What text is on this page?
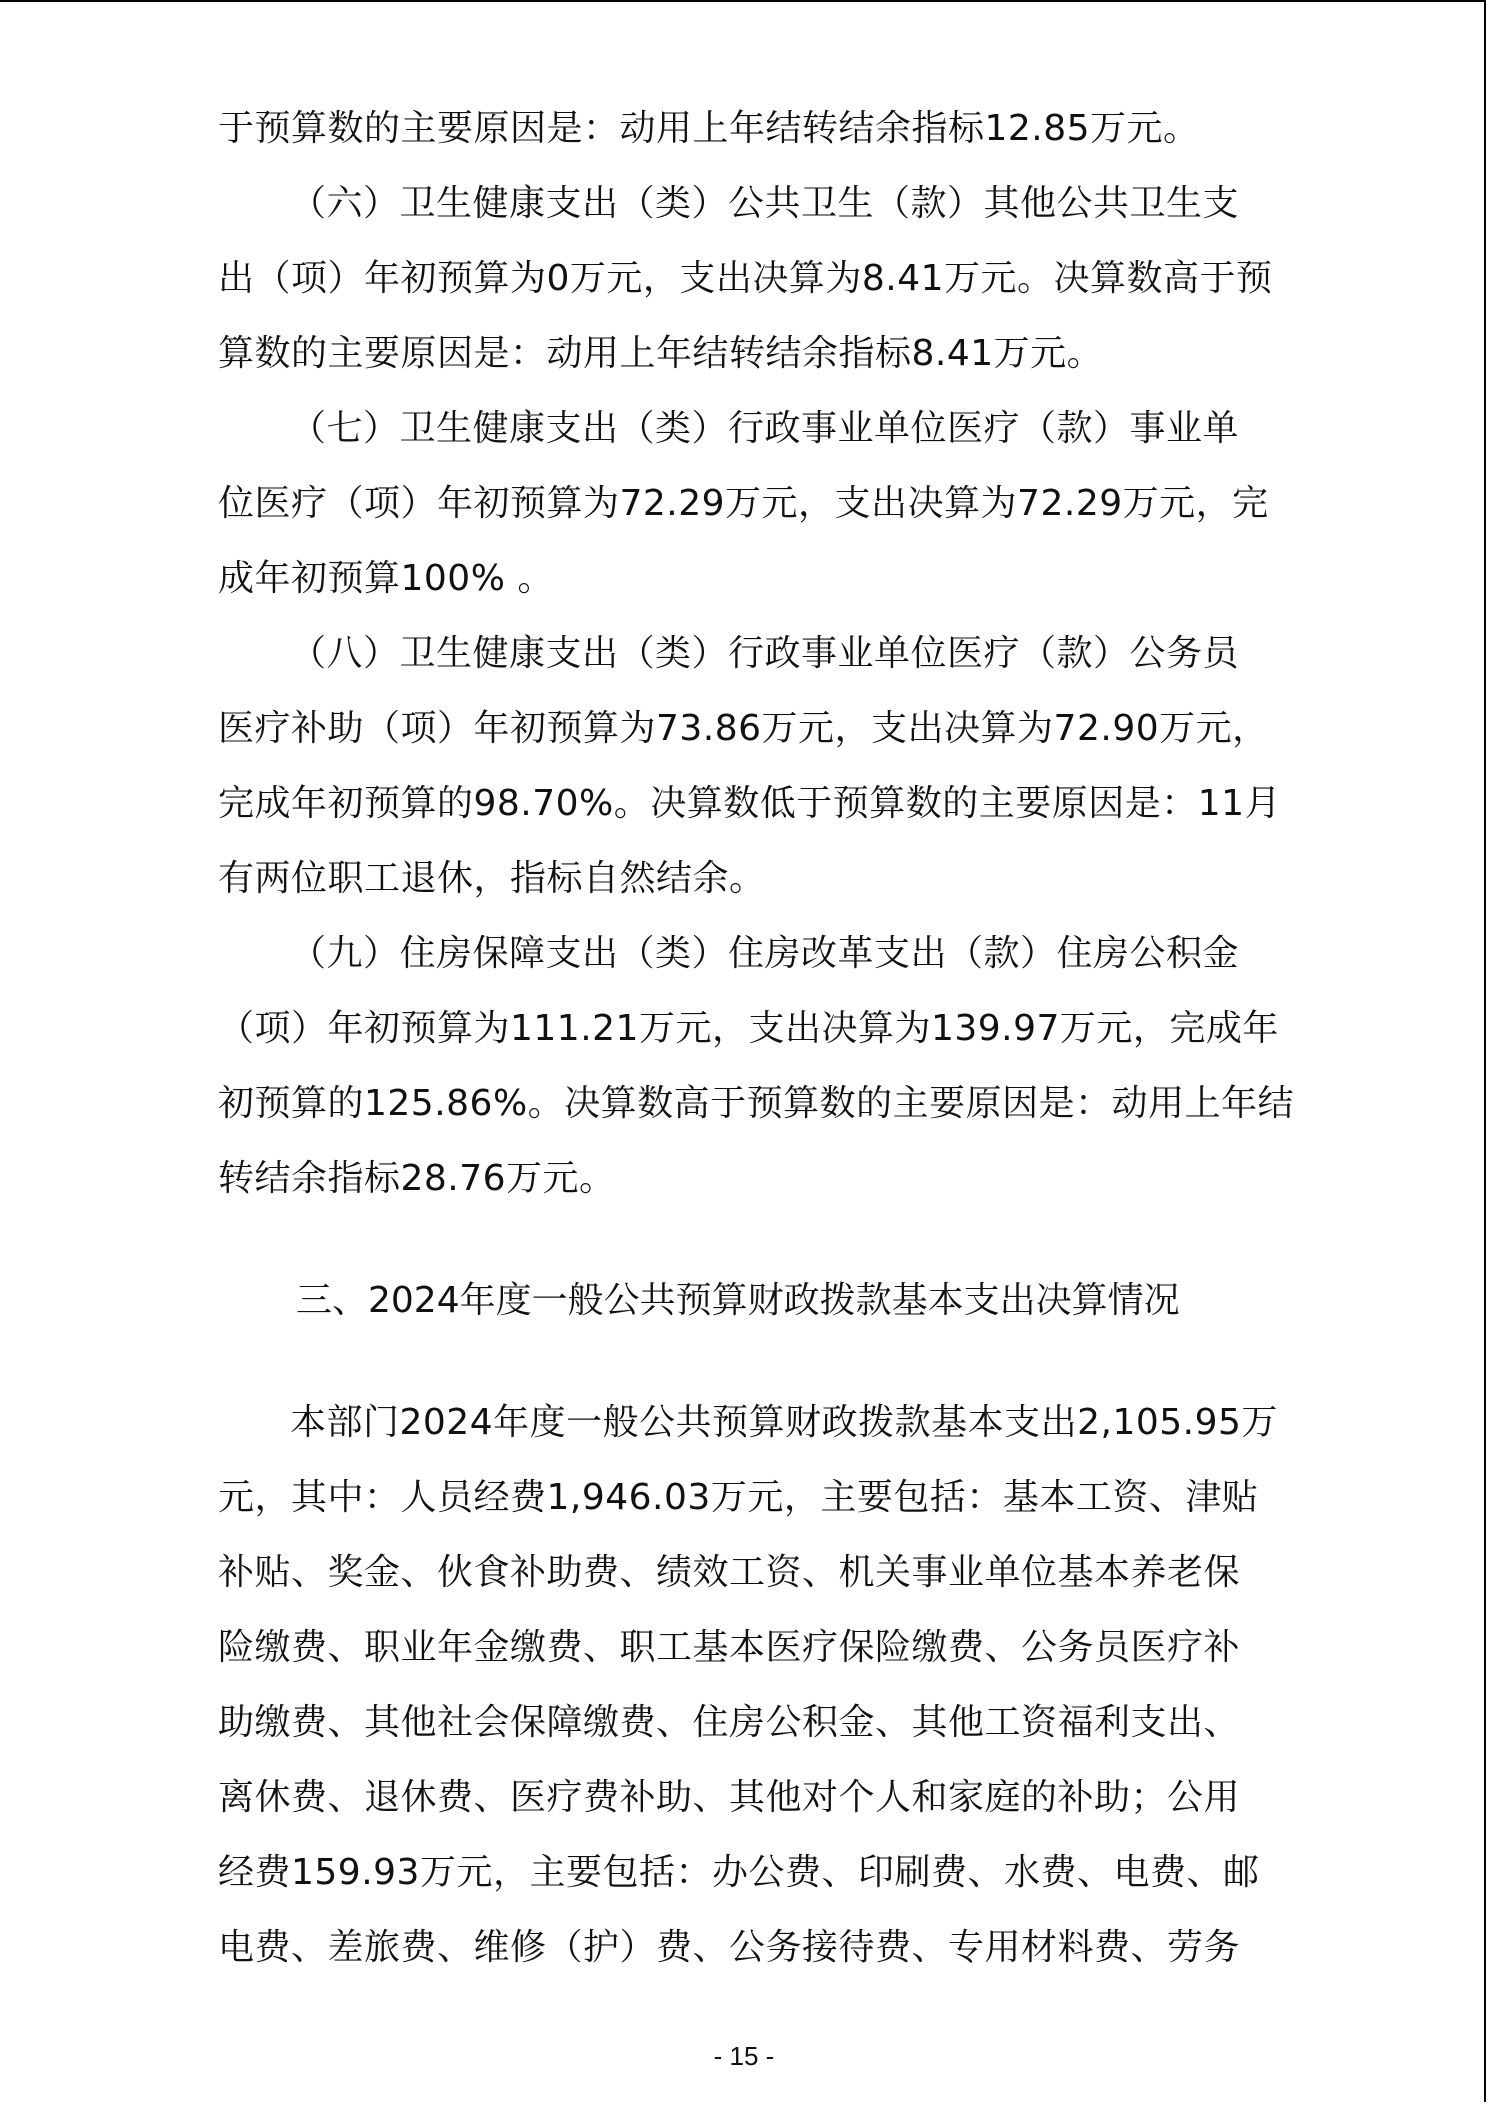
于预算数的主要原因是：动用上年结转结余指标12.85万元。
（六）卫生健康支出（类）公共卫生（款）其他公共卫生支
出（项）年初预算为0万元，支出决算为8.41万元。决算数高于预
算数的主要原因是：动用上年结转结余指标8.41万元。
（七）卫生健康支出（类）行政事业单位医疗（款）事业单
位医疗（项）年初预算为72.29万元，支出决算为72.29万元，完
成年初预算100% 。
（八）卫生健康支出（类）行政事业单位医疗（款）公务员
医疗补助（项）年初预算为73.86万元，支出决算为72.90万元，
完成年初预算的98.70%。决算数低于预算数的主要原因是：11月
有两位职工退休，指标自然结余。
（九）住房保障支出（类）住房改革支出（款）住房公积金
（项）年初预算为111.21万元，支出决算为139.97万元，完成年
初预算的125.86%。决算数高于预算数的主要原因是：动用上年结
转结余指标28.76万元。
三、2024年度一般公共预算财政拨款基本支出决算情况
本部门2024年度一般公共预算财政拨款基本支出2,105.95万
元，其中：人员经费1,946.03万元，主要包括：基本工资、津贴
补贴、奖金、伙食补助费、绩效工资、机关事业单位基本养老保
险缴费、职业年金缴费、职工基本医疗保险缴费、公务员医疗补
助缴费、其他社会保障缴费、住房公积金、其他工资福利支出、
离休费、退休费、医疗费补助、其他对个人和家庭的补助；公用
经费159.93万元，主要包括：办公费、印刷费、水费、电费、邮
电费、差旅费、维修（护）费、公务接待费、专用材料费、劳务
- 15 -
